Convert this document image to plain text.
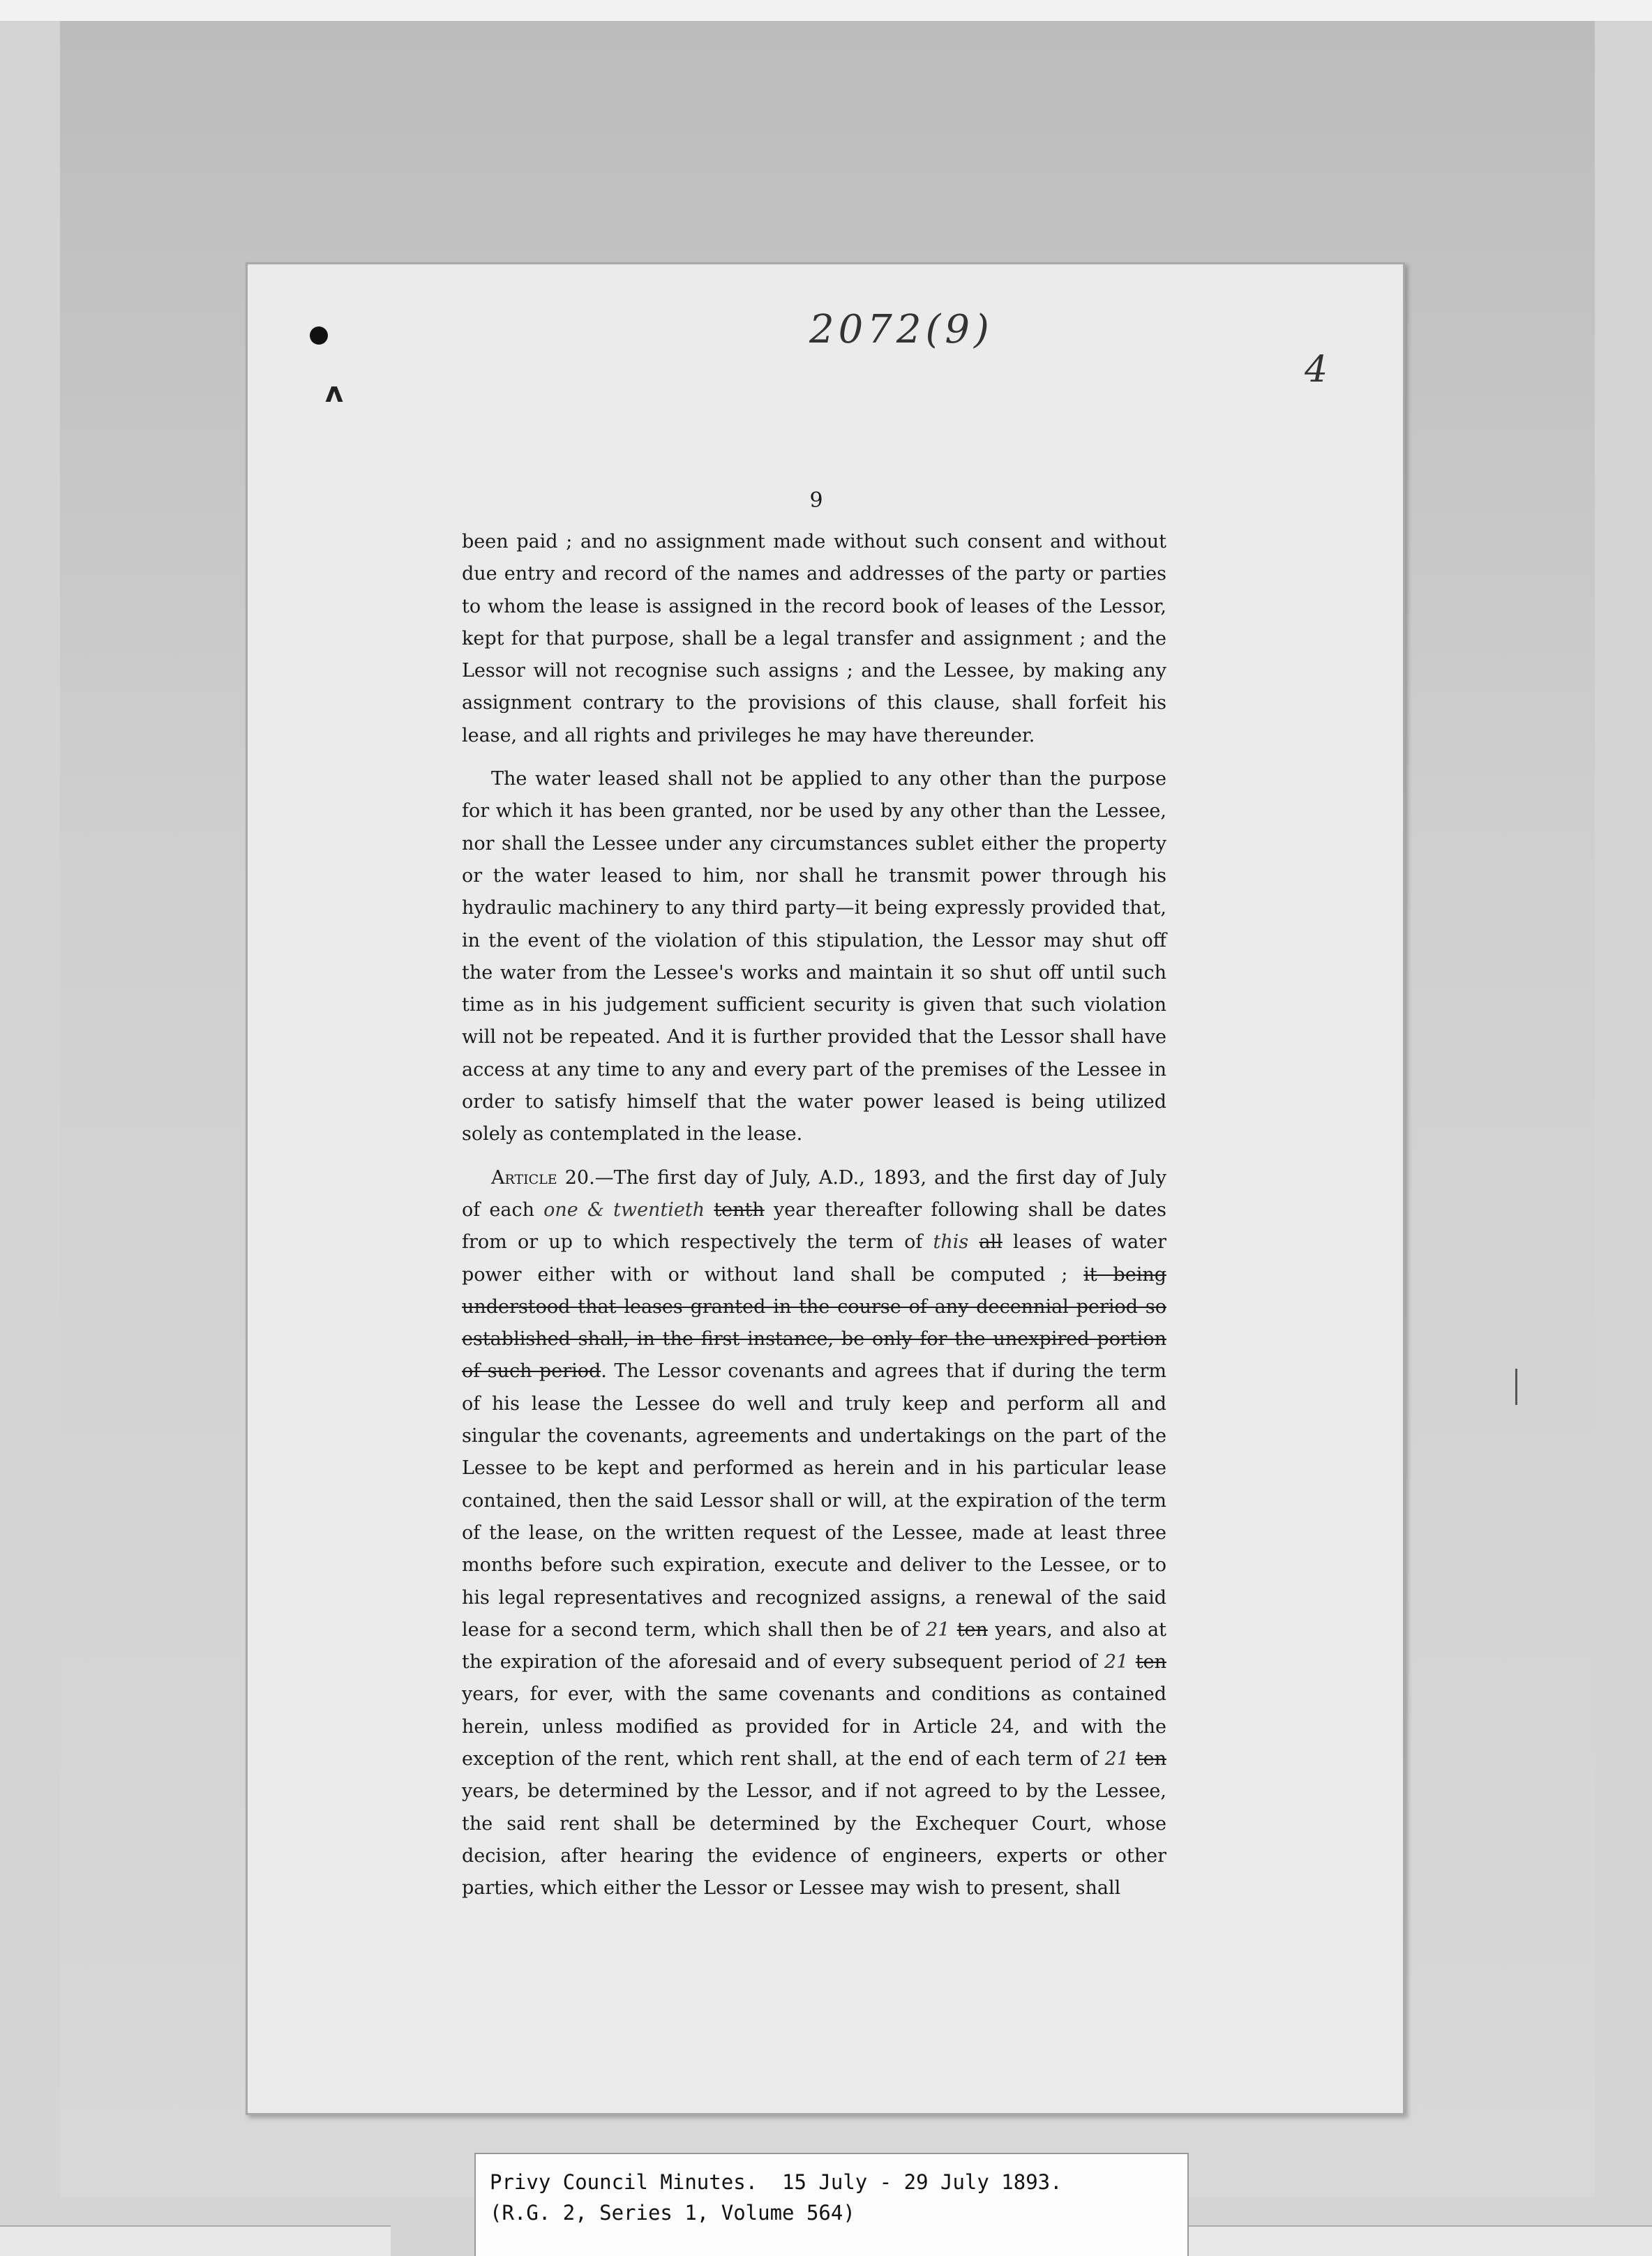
ʌ
2072(9)
4
9

been paid ; and no assignment made without such consent and without due entry and record of the names and addresses of the party or parties to whom the lease is assigned in the record book of leases of the Lessor, kept for that purpose, shall be a legal transfer and assignment ; and the Lessor will not recognise such assigns ; and the Lessee, by making any assignment contrary to the provisions of this clause, shall forfeit his lease, and all rights and privileges he may have thereunder.

The water leased shall not be applied to any other than the purpose for which it has been granted, nor be used by any other than the Lessee, nor shall the Lessee under any circumstances sublet either the property or the water leased to him, nor shall he transmit power through his hydraulic machinery to any third party—it being expressly provided that, in the event of the violation of this stipulation, the Lessor may shut off the water from the Lessee's works and maintain it so shut off until such time as in his judgement sufficient security is given that such violation will not be repeated. And it is further provided that the Lessor shall have access at any time to any and every part of the premises of the Lessee in order to satisfy himself that the water power leased is being utilized solely as contemplated in the lease.

Article 20.—The first day of July, A.D., 1893, and the first day of July of each one & twentieth tenth year thereafter following shall be dates from or up to which respectively the term of this all leases of water power either with or without land shall be computed ; it being understood that leases granted in the course of any decennial period so established shall, in the first instance, be only for the unexpired portion of such period. The Lessor covenants and agrees that if during the term of his lease the Lessee do well and truly keep and perform all and singular the covenants, agreements and undertakings on the part of the Lessee to be kept and performed as herein and in his particular lease contained, then the said Lessor shall or will, at the expiration of the term of the lease, on the written request of the Lessee, made at least three months before such expiration, execute and deliver to the Lessee, or to his legal representatives and recognized assigns, a renewal of the said lease for a second term, which shall then be of 21 ten years, and also at the expiration of the aforesaid and of every subsequent period of 21 ten years, for ever, with the same covenants and conditions as contained herein, unless modified as provided for in Article 24, and with the exception of the rent, which rent shall, at the end of each term of 21 ten years, be determined by the Lessor, and if not agreed to by the Lessee, the said rent shall be determined by the Exchequer Court, whose decision, after hearing the evidence of engineers, experts or other parties, which either the Lessor or Lessee may wish to present, shall

Privy Council Minutes.  15 July - 29 July 1893.
(R.G. 2, Series 1, Volume 564)
